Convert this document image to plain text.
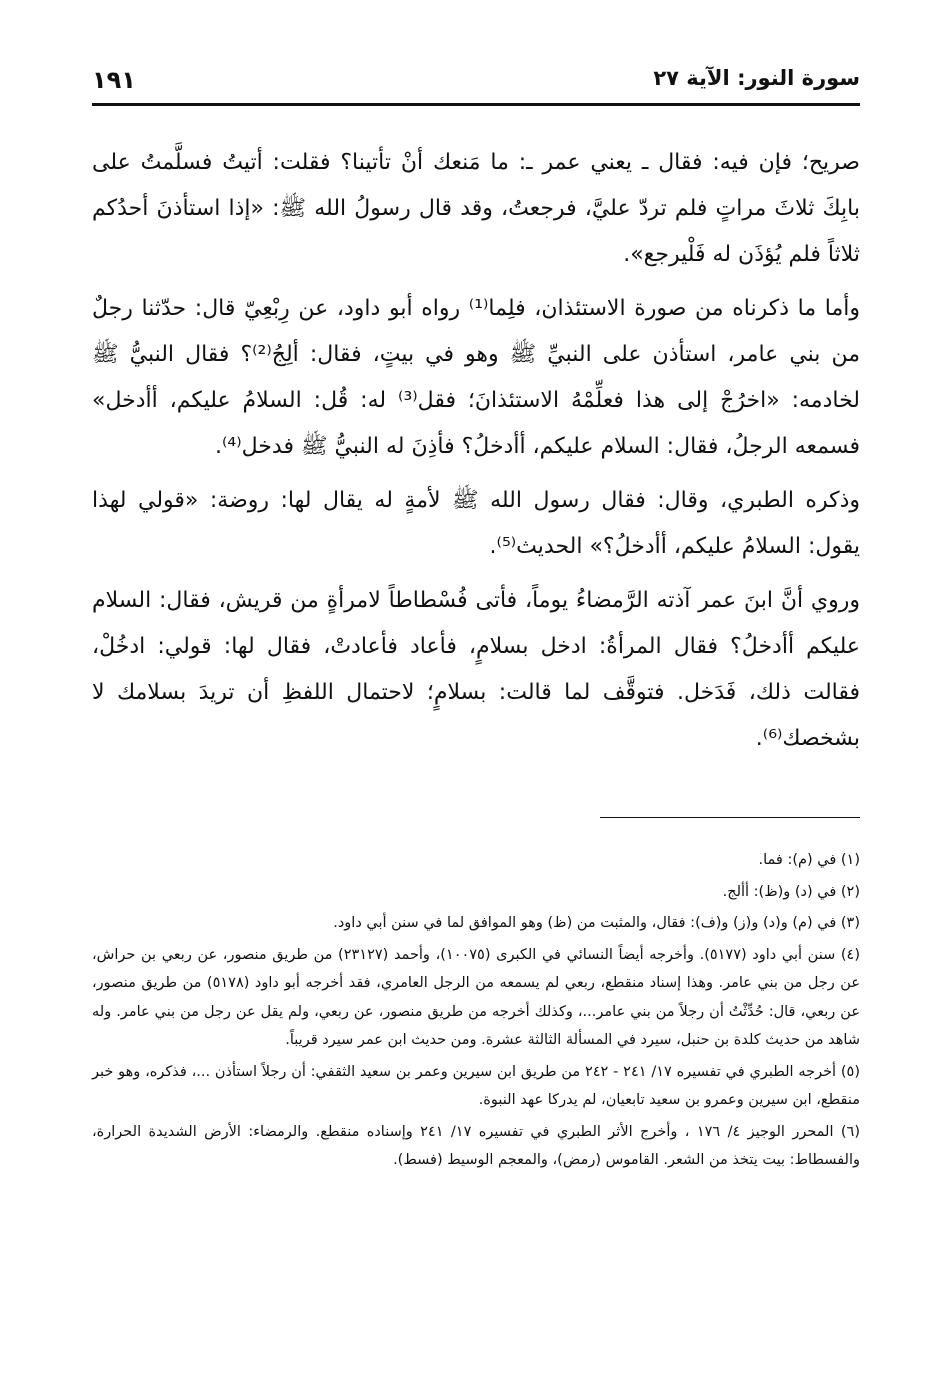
سورة النور: الآية ٢٧
١٩١

صريح؛ فإن فيه: فقال ـ يعني عمر ـ: ما مَنعك أنْ تأتينا؟ فقلت: أتيتُ فسلَّمتُ على بابِكَ ثلاثَ مراتٍ فلم تردّ عليَّ، فرجعتُ، وقد قال رسولُ الله ﷺ: «إذا استأذنَ أحدُكم ثلاثاً فلم يُؤذَن له فَلْيرجع».

وأما ما ذكرناه من صورة الاستئذان، فلِما⁽¹⁾ رواه أبو داود، عن رِبْعِيّ قال: حدّثنا رجلٌ من بني عامر، استأذن على النبيِّ ﷺ وهو في بيتٍ، فقال: ألِجُ⁽²⁾؟ فقال النبيُّ ﷺ لخادمه: «اخرُجْ إلى هذا فعلِّمْهُ الاستئذانَ؛ فقل⁽³⁾ له: قُل: السلامُ عليكم، أأدخل» فسمعه الرجلُ، فقال: السلام عليكم، أأدخلُ؟ فأذِنَ له النبيُّ ﷺ فدخل⁽⁴⁾.

وذكره الطبري، وقال: فقال رسول الله ﷺ لأمةٍ له يقال لها: روضة: «قولي لهذا يقول: السلامُ عليكم، أأدخلُ؟» الحديث⁽⁵⁾.

وروي أنَّ ابنَ عمر آذته الرَّمضاءُ يوماً، فأتى فُسْطاطاً لامرأةٍ من قريش، فقال: السلام عليكم أأدخلُ؟ فقال المرأةُ: ادخل بسلامٍ، فأعاد فأعادتْ، فقال لها: قولي: ادخُلْ، فقالت ذلك، فَدَخل. فتوقَّف لما قالت: بسلامٍ؛ لاحتمال اللفظِ أن تريدَ بسلامك لا بشخصك⁽⁶⁾.

(١) في (م): فما.

(٢) في (د) و(ظ): أألج.

(٣) في (م) و(د) و(ز) و(ف): فقال، والمثبت من (ظ) وهو الموافق لما في سنن أبي داود.

(٤) سنن أبي داود (٥١٧٧). وأخرجه أيضاً النسائي في الكبرى (١٠٠٧٥)، وأحمد (٢٣١٢٧) من طريق منصور، عن ربعي بن حراش، عن رجل من بني عامر. وهذا إسناد منقطع، ربعي لم يسمعه من الرجل العامري، فقد أخرجه أبو داود (٥١٧٨) من طريق منصور، عن ربعي، قال: حُدِّثْتُ أن رجلاً من بني عامر...، وكذلك أخرجه من طريق منصور، عن ربعي، ولم يقل عن رجل من بني عامر. وله شاهد من حديث كلدة بن حنبل، سيرد في المسألة الثالثة عشرة. ومن حديث ابن عمر سيرد قريباً.

(٥) أخرجه الطبري في تفسيره ١٧/ ٢٤١ - ٢٤٢ من طريق ابن سيرين وعمر بن سعيد الثقفي: أن رجلاً استأذن ...، فذكره، وهو خبر منقطع، ابن سيرين وعمرو بن سعيد تابعيان، لم يدركا عهد النبوة.

(٦) المحرر الوجيز ٤/ ١٧٦ ، وأخرج الأثر الطبري في تفسيره ١٧/ ٢٤١ وإسناده منقطع. والرمضاء: الأرض الشديدة الحرارة، والفسطاط: بيت يتخذ من الشعر. القاموس (رمض)، والمعجم الوسيط (فسط).
